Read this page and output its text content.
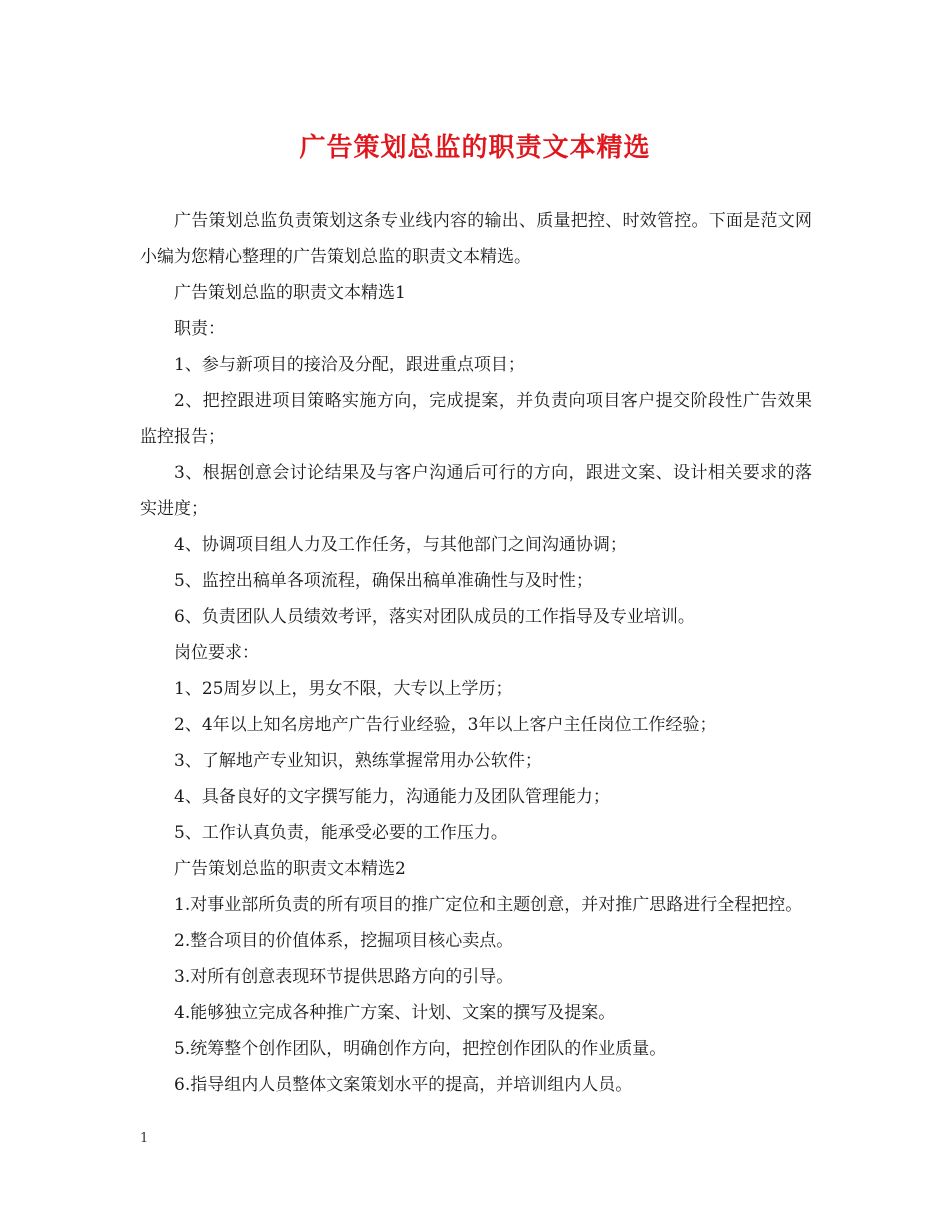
广告策划总监的职责文本精选

广告策划总监负责策划这条专业线内容的输出、质量把控、时效管控。下面是范文网小编为您精心整理的广告策划总监的职责文本精选。

广告策划总监的职责文本精选1

职责：

1、参与新项目的接洽及分配，跟进重点项目；

2、把控跟进项目策略实施方向，完成提案，并负责向项目客户提交阶段性广告效果监控报告；

3、根据创意会讨论结果及与客户沟通后可行的方向，跟进文案、设计相关要求的落实进度；

4、协调项目组人力及工作任务，与其他部门之间沟通协调；

5、监控出稿单各项流程，确保出稿单准确性与及时性；

6、负责团队人员绩效考评，落实对团队成员的工作指导及专业培训。

岗位要求：

1、25周岁以上，男女不限，大专以上学历；

2、4年以上知名房地产广告行业经验，3年以上客户主任岗位工作经验；

3、了解地产专业知识，熟练掌握常用办公软件；

4、具备良好的文字撰写能力，沟通能力及团队管理能力；

5、工作认真负责，能承受必要的工作压力。

广告策划总监的职责文本精选2

1.对事业部所负责的所有项目的推广定位和主题创意，并对推广思路进行全程把控。

2.整合项目的价值体系，挖掘项目核心卖点。

3.对所有创意表现环节提供思路方向的引导。

4.能够独立完成各种推广方案、计划、文案的撰写及提案。

5.统筹整个创作团队，明确创作方向，把控创作团队的作业质量。

6.指导组内人员整体文案策划水平的提高，并培训组内人员。

1
